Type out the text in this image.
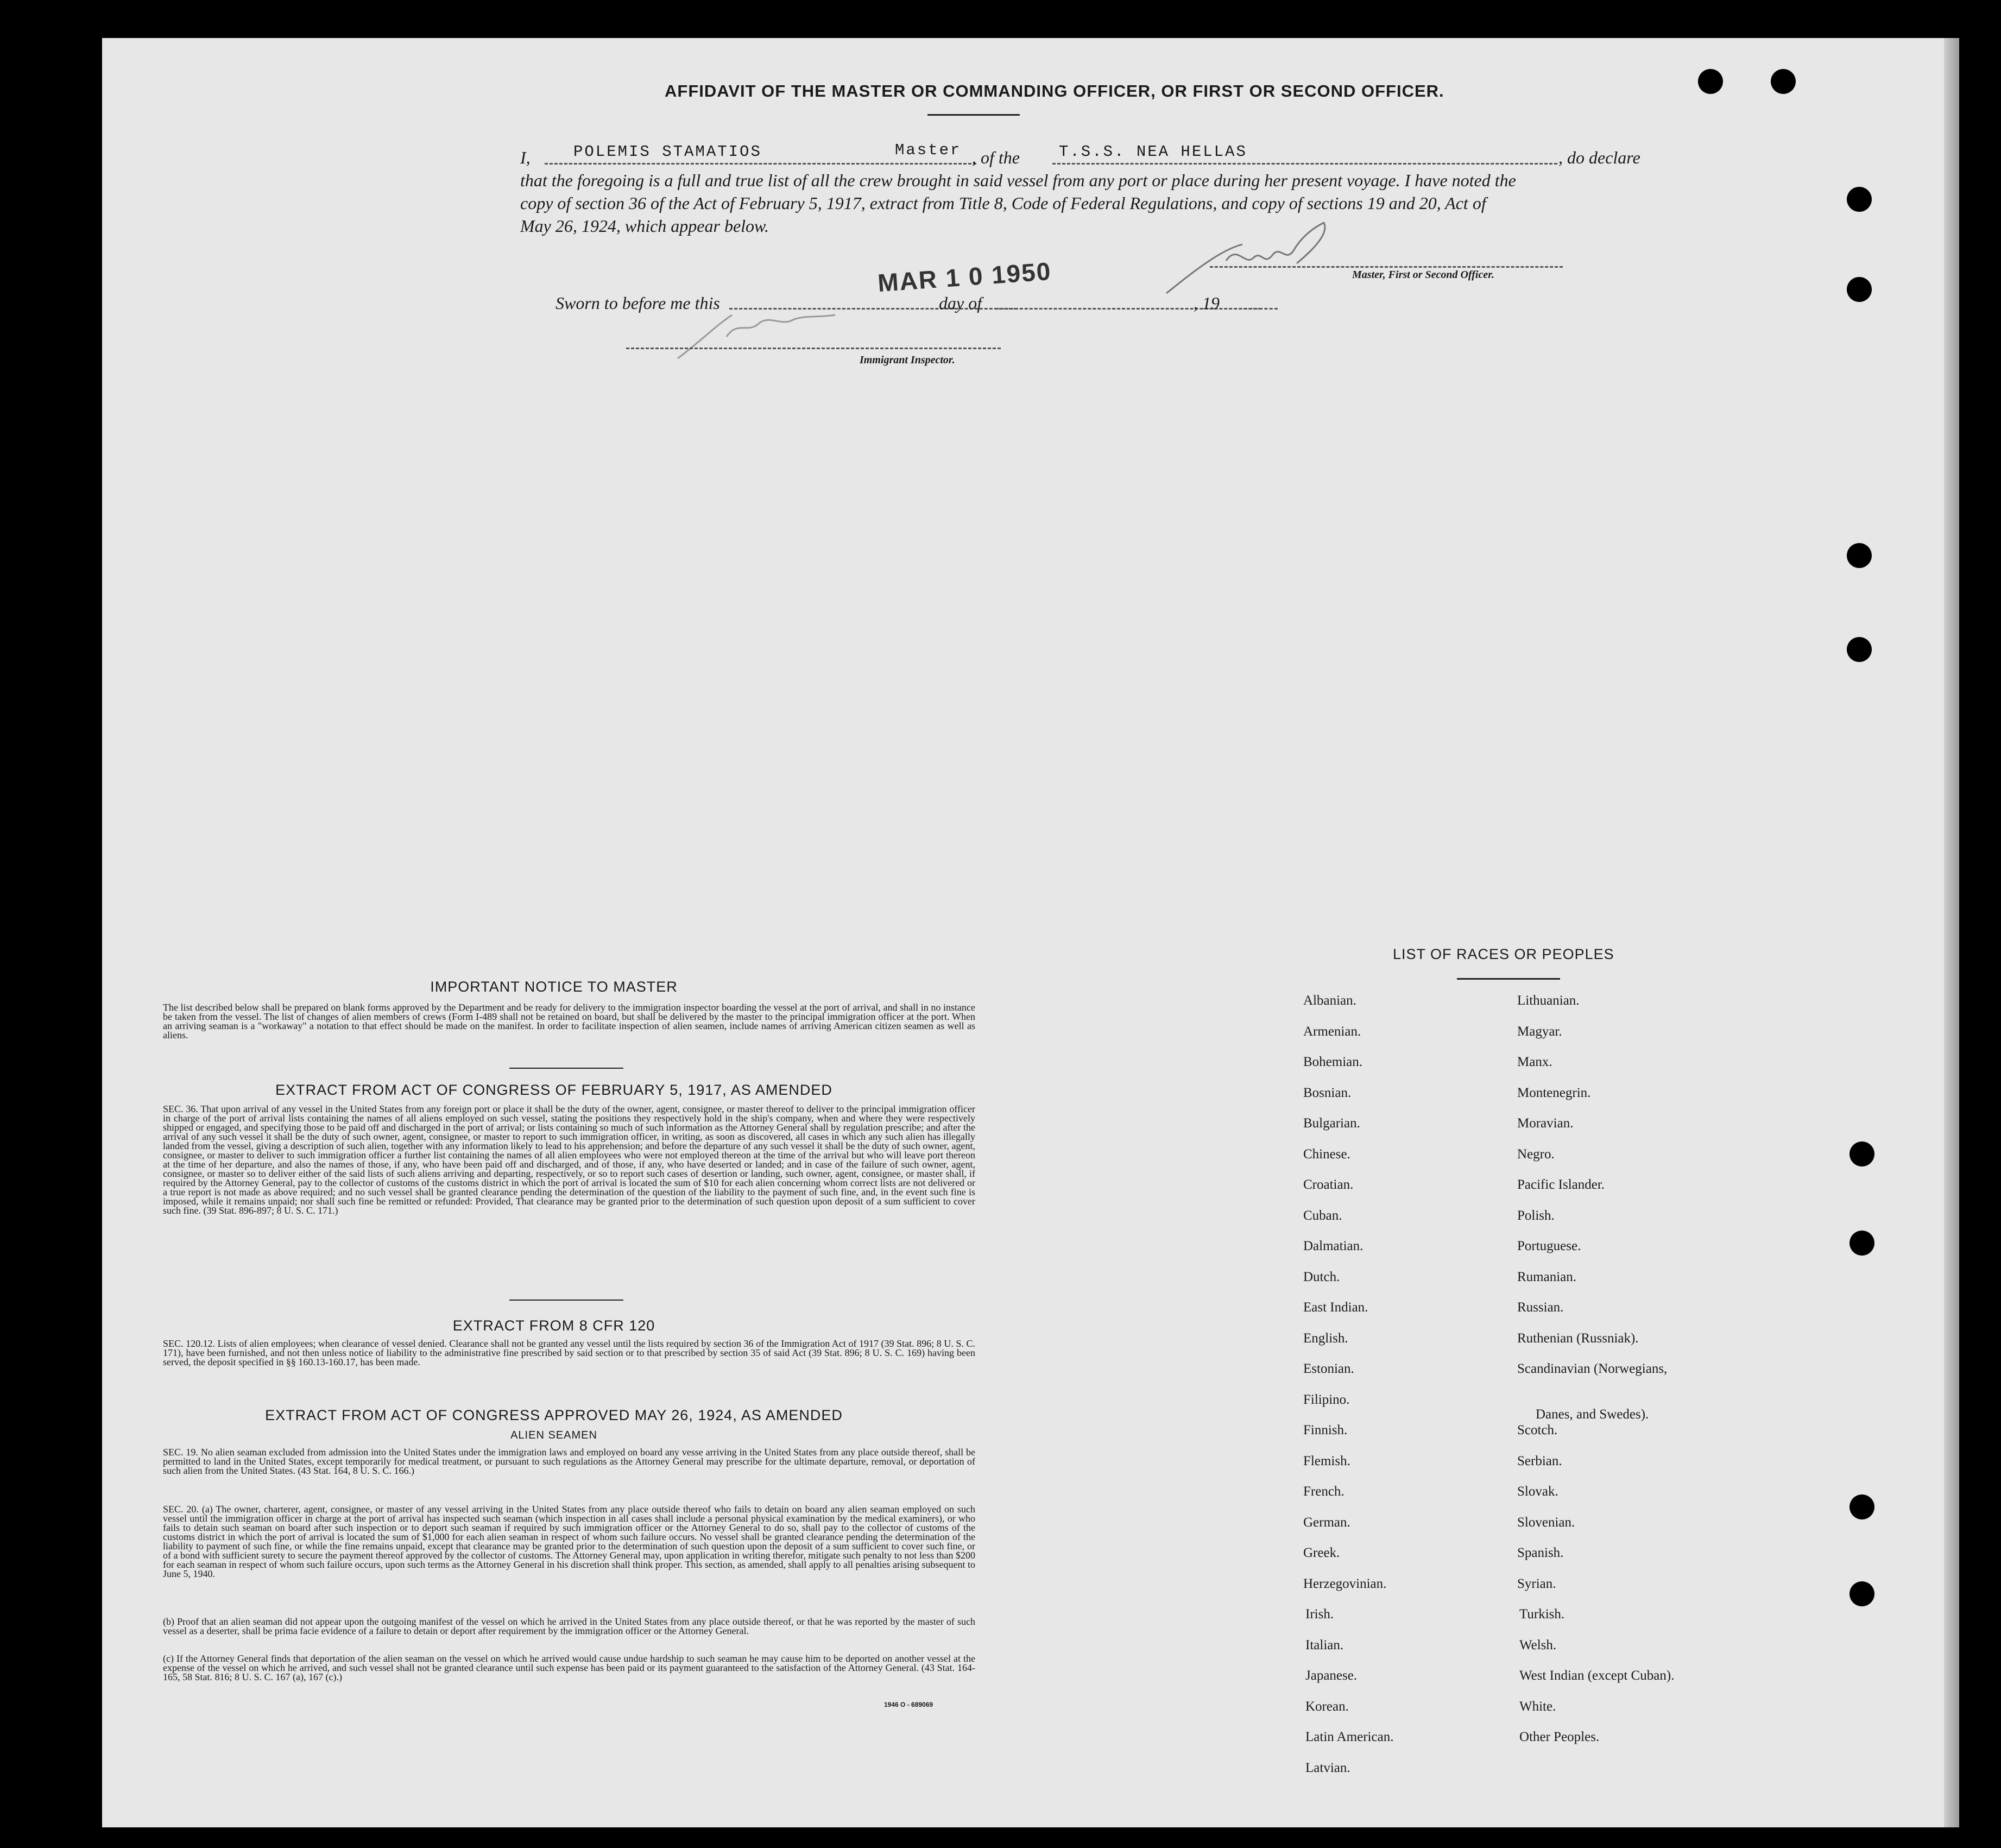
AFFIDAVIT OF THE MASTER OR COMMANDING OFFICER, OR FIRST OR SECOND OFFICER.
I,	POLEMIS STAMATIOS	Master , of the T.S.S. NEA HELLAS	, do declare
that the foregoing is a full and true list of all the crew brought in said vessel from any port or place during her present voyage. I have noted the
copy of section 36 of the Act of February 5, 1917, extract from Title 8, Code of Federal Regulations, and copy of sections 19 and 20, Act of
May 26, 1924, which appear below.
Master, First or Second Officer.
MAR 1 0 1950
Sworn to before me this	day of	, 19
Immigrant Inspector.
IMPORTANT NOTICE TO MASTER
The list described below shall be prepared on blank forms approved by the Department and be ready for delivery to the immigration inspector boarding the vessel at the port of arrival, and shall in no instance be taken from the vessel. The list of changes of alien members of crews (Form I-489 shall not be retained on board, but shall be delivered by the master to the principal immigration officer at the port. When an arriving seaman is a "workaway" a notation to that effect should be made on the manifest. In order to facilitate inspection of alien seamen, include names of arriving American citizen seamen as well as aliens.
EXTRACT FROM ACT OF CONGRESS OF FEBRUARY 5, 1917, AS AMENDED
SEC. 36. That upon arrival of any vessel in the United States from any foreign port or place it shall be the duty of the owner, agent, consignee, or master thereof to deliver to the principal immigration officer in charge of the port of arrival lists containing the names of all aliens employed on such vessel, stating the positions they respectively hold in the ship's company, when and where they were respectively shipped or engaged, and specifying those to be paid off and discharged in the port of arrival; or lists containing so much of such information as the Attorney General shall by regulation prescribe; and after the arrival of any such vessel it shall be the duty of such owner, agent, consignee, or master to report to such immigration officer, in writing, as soon as discovered, all cases in which any such alien has illegally landed from the vessel, giving a description of such alien, together with any information likely to lead to his apprehension; and before the departure of any such vessel it shall be the duty of such owner, agent, consignee, or master to deliver to such immigration officer a further list containing the names of all alien employees who were not employed thereon at the time of the arrival but who will leave port thereon at the time of her departure, and also the names of those, if any, who have been paid off and discharged, and of those, if any, who have deserted or landed; and in case of the failure of such owner, agent, consignee, or master so to deliver either of the said lists of such aliens arriving and departing, respectively, or so to report such cases of desertion or landing, such owner, agent, consignee, or master shall, if required by the Attorney General, pay to the collector of customs of the customs district in which the port of arrival is located the sum of $10 for each alien concerning whom correct lists are not delivered or a true report is not made as above required; and no such vessel shall be granted clearance pending the determination of the question of the liability to the payment of such fine, and, in the event such fine is imposed, while it remains unpaid; nor shall such fine be remitted or refunded: Provided, That clearance may be granted prior to the determination of such question upon deposit of a sum sufficient to cover such fine. (39 Stat. 896-897; 8 U. S. C. 171.)
EXTRACT FROM 8 CFR 120
SEC. 120.12. Lists of alien employees; when clearance of vessel denied. Clearance shall not be granted any vessel until the lists required by section 36 of the Immigration Act of 1917 (39 Stat. 896; 8 U. S. C. 171), have been furnished, and not then unless notice of liability to the administrative fine prescribed by said section or to that prescribed by section 35 of said Act (39 Stat. 896; 8 U. S. C. 169) having been served, the deposit specified in §§ 160.13-160.17, has been made.
EXTRACT FROM ACT OF CONGRESS APPROVED MAY 26, 1924, AS AMENDED
ALIEN SEAMEN
SEC. 19. No alien seaman excluded from admission into the United States under the immigration laws and employed on board any vesse arriving in the United States from any place outside thereof, shall be permitted to land in the United States, except temporarily for medical treatment, or pursuant to such regulations as the Attorney General may prescribe for the ultimate departure, removal, or deportation of such alien from the United States. (43 Stat. 164, 8 U. S. C. 166.)
SEC. 20. (a) The owner, charterer, agent, consignee, or master of any vessel arriving in the United States from any place outside thereof who fails to detain on board any alien seaman employed on such vessel until the immigration officer in charge at the port of arrival has inspected such seaman (which inspection in all cases shall include a personal physical examination by the medical examiners), or who fails to detain such seaman on board after such inspection or to deport such seaman if required by such immigration officer or the Attorney General to do so, shall pay to the collector of customs of the customs district in which the port of arrival is located the sum of $1,000 for each alien seaman in respect of whom such failure occurs. No vessel shall be granted clearance pending the determination of the liability to payment of such fine, or while the fine remains unpaid, except that clearance may be granted prior to the determination of such question upon the deposit of a sum sufficient to cover such fine, or of a bond with sufficient surety to secure the payment thereof approved by the collector of customs. The Attorney General may, upon application in writing therefor, mitigate such penalty to not less than $200 for each seaman in respect of whom such failure occurs, upon such terms as the Attorney General in his discretion shall think proper. This section, as amended, shall apply to all penalties arising subsequent to June 5, 1940.
(b) Proof that an alien seaman did not appear upon the outgoing manifest of the vessel on which he arrived in the United States from any place outside thereof, or that he was reported by the master of such vessel as a deserter, shall be prima facie evidence of a failure to detain or deport after requirement by the immigration officer or the Attorney General.
(c) If the Attorney General finds that deportation of the alien seaman on the vessel on which he arrived would cause undue hardship to such seaman he may cause him to be deported on another vessel at the expense of the vessel on which he arrived, and such vessel shall not be granted clearance until such expense has been paid or its payment guaranteed to the satisfaction of the Attorney General. (43 Stat. 164-165, 58 Stat. 816; 8 U. S. C. 167 (a), 167 (c).)
1946 O - 689069
LIST OF RACES OR PEOPLES
Albanian.
Armenian.
Bohemian.
Bosnian.
Bulgarian.
Chinese.
Croatian.
Cuban.
Dalmatian.
Dutch.
East Indian.
English.
Estonian.
Filipino.
Finnish.
Flemish.
French.
German.
Greek.
Herzegovinian.
Irish.
Italian.
Japanese.
Korean.
Latin American.
Latvian.
Lithuanian.
Magyar.
Manx.
Montenegrin.
Moravian.
Negro.
Pacific Islander.
Polish.
Portuguese.
Rumanian.
Russian.
Ruthenian (Russniak).
Scandinavian (Norwegians,
Danes, and Swedes).
Scotch.
Serbian.
Slovak.
Slovenian.
Spanish.
Syrian.
Turkish.
Welsh.
West Indian (except Cuban).
White.
Other Peoples.
